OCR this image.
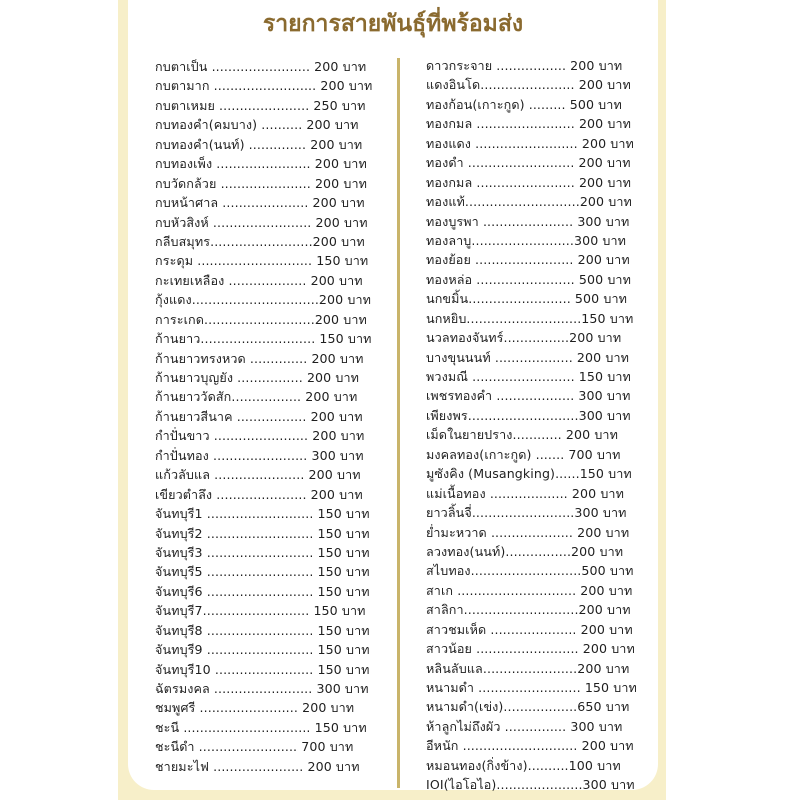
รายการสายพันธุ์ที่พร้อมส่ง
กบตาเป็น ........................ 200 บาท
กบตามาก ......................... 200 บาท
กบตาเหมย ...................... 250 บาท
กบทองคำ(คมบาง) .......... 200 บาท
กบทองคำ(นนท์) .............. 200 บาท
กบทองเพ็ง ....................... 200 บาท
กบวัดกล้วย ...................... 200 บาท
กบหน้าศาล ..................... 200 บาท
กบหัวสิงห์ ........................ 200 บาท
กลีบสมุทร.........................200 บาท
กระดุม ............................ 150 บาท
กะเทยเหลือง ................... 200 บาท
กุ้งแดง...............................200 บาท
การะเกด...........................200 บาท
ก้านยาว............................ 150 บาท
ก้านยาวทรงหวด .............. 200 บาท
ก้านยาวบุญยัง ................ 200 บาท
ก้านยาววัดสัก................. 200 บาท
ก้านยาวสีนาค ................. 200 บาท
กำปั่นขาว ....................... 200 บาท
กำปั่นทอง ....................... 300 บาท
แก้วลับแล ...................... 200 บาท
เขียวตำลึง ...................... 200 บาท
จันทบุรี1 .......................... 150 บาท
จันทบุรี2 .......................... 150 บาท
จันทบุรี3 .......................... 150 บาท
จันทบุรี5 .......................... 150 บาท
จันทบุรี6 .......................... 150 บาท
จันทบุรี7.......................... 150 บาท
จันทบุรี8 .......................... 150 บาท
จันทบุรี9 .......................... 150 บาท
จันทบุรี10 ........................ 150 บาท
ฉัตรมงคล ........................ 300 บาท
ชมพูศรี ........................ 200 บาท
ชะนี ............................... 150 บาท
ชะนีดำ ........................ 700 บาท
ชายมะไฟ ...................... 200 บาท
ดาวกระจาย ................. 200 บาท
แดงอินโด....................... 200 บาท
ทองก้อน(เกาะกูด) ......... 500 บาท
ทองกมล ........................ 200 บาท
ทองแดง ......................... 200 บาท
ทองดำ .......................... 200 บาท
ทองกมล ........................ 200 บาท
ทองแท้............................200 บาท
ทองบูรพา ...................... 300 บาท
ทองลาบู.........................300 บาท
ทองย้อย ........................ 200 บาท
ทองหล่อ ........................ 500 บาท
นกขมิ้น......................... 500 บาท
นกหยิบ............................150 บาท
นวลทองจันทร์................200 บาท
บางขุนนนท์ ................... 200 บาท
พวงมณี ......................... 150 บาท
เพชรทองคำ ................... 300 บาท
เพียงพร...........................300 บาท
เม็ดในยายปราง............ 200 บาท
มงคลทอง(เกาะกูด) ....... 700 บาท
มูซังคิง (Musangking)......150 บาท
แม่เนื้อทอง ................... 200 บาท
ยาวลิ้นจี่.........................300 บาท
ย่ำมะหวาด .................... 200 บาท
ลวงทอง(นนท์)................200 บาท
สไบทอง...........................500 บาท
สาเก ............................. 200 บาท
สาลิกา............................200 บาท
สาวชมเห็ด ..................... 200 บาท
สาวน้อย ......................... 200 บาท
หลินลับแล.......................200 บาท
หนามดำ ......................... 150 บาท
หนามดำ(เข่ง)..................650 บาท
ห้าลูกไม่ถึงผัว ............... 300 บาท
อีหนัก ............................ 200 บาท
หมอนทอง(กิ่งข้าง)..........100 บาท
IOI(ไอโอไอ).....................300 บาท
